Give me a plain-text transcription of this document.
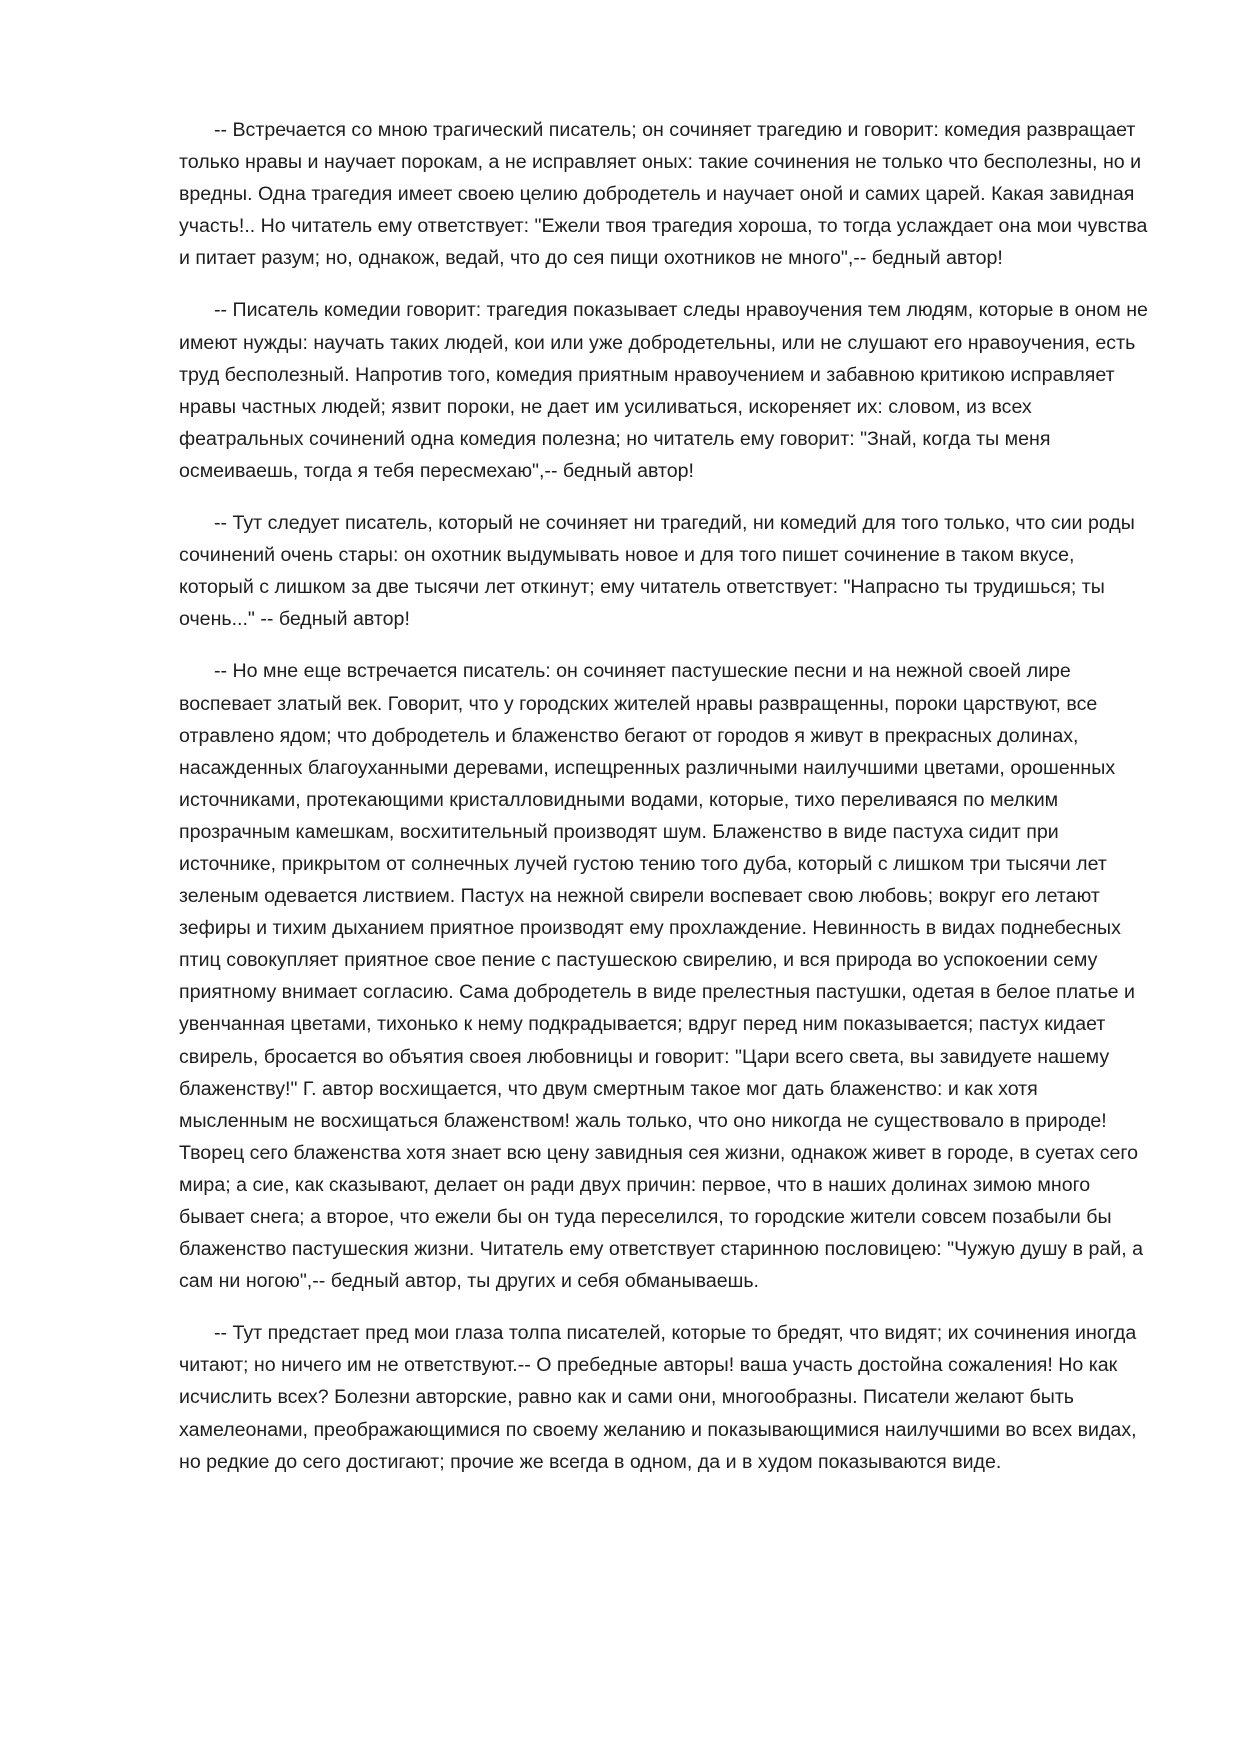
-- Встречается со мною трагический писатель; он сочиняет трагедию и говорит: комедия развращает только нравы и научает порокам, а не исправляет оных: такие сочинения не только что бесполезны, но и вредны. Одна трагедия имеет своею целию добродетель и научает оной и самих царей. Какая завидная участь!.. Но читатель ему ответствует: "Ежели твоя трагедия хороша, то тогда услаждает она мои чувства и питает разум; но, однакож, ведай, что до сея пищи охотников не много",-- бедный автор!

-- Писатель комедии говорит: трагедия показывает следы нравоучения тем людям, которые в оном не имеют нужды: научать таких людей, кои или уже добродетельны, или не слушают его нравоучения, есть труд бесполезный. Напротив того, комедия приятным нравоучением и забавною критикою исправляет нравы частных людей; язвит пороки, не дает им усиливаться, искореняет их: словом, из всех феатральных сочинений одна комедия полезна; но читатель ему говорит: "Знай, когда ты меня осмеиваешь, тогда я тебя пересмехаю",-- бедный автор!

-- Тут следует писатель, который не сочиняет ни трагедий, ни комедий для того только, что сии роды сочинений очень стары: он охотник выдумывать новое и для того пишет сочинение в таком вкусе, который с лишком за две тысячи лет откинут; ему читатель ответствует: "Напрасно ты трудишься; ты очень..." -- бедный автор!

-- Но мне еще встречается писатель: он сочиняет пастушеские песни и на нежной своей лире воспевает златый век. Говорит, что у городских жителей нравы развращенны, пороки царствуют, все отравлено ядом; что добродетель и блаженство бегают от городов я живут в прекрасных долинах, насажденных благоуханными деревами, испещренных различными наилучшими цветами, орошенных источниками, протекающими кристалловидными водами, которые, тихо переливаяся по мелким прозрачным камешкам, восхитительный производят шум. Блаженство в виде пастуха сидит при источнике, прикрытом от солнечных лучей густою тению того дуба, который с лишком три тысячи лет зеленым одевается листвием. Пастух на нежной свирели воспевает свою любовь; вокруг его летают зефиры и тихим дыханием приятное производят ему прохлаждение. Невинность в видах поднебесных птиц совокупляет приятное свое пение с пастушескою свирелию, и вся природа во успокоении сему приятному внимает согласию. Сама добродетель в виде прелестныя пастушки, одетая в белое платье и увенчанная цветами, тихонько к нему подкрадывается; вдруг перед ним показывается; пастух кидает свирель, бросается во объятия своея любовницы и говорит: "Цари всего света, вы завидуете нашему блаженству!" Г. автор восхищается, что двум смертным такое мог дать блаженство: и как хотя мысленным не восхищаться блаженством! жаль только, что оно никогда не существовало в природе! Творец сего блаженства хотя знает всю цену завидныя сея жизни, однакож живет в городе, в суетах сего мира; а сие, как сказывают, делает он ради двух причин: первое, что в наших долинах зимою много бывает снега; а второе, что ежели бы он туда переселился, то городские жители совсем позабыли бы блаженство пастушеския жизни. Читатель ему ответствует старинною пословицею: "Чужую душу в рай, а сам ни ногою",-- бедный автор, ты других и себя обманываешь.

-- Тут предстает пред мои глаза толпа писателей, которые то бредят, что видят; их сочинения иногда читают; но ничего им не ответствуют.-- О пребедные авторы! ваша участь достойна сожаления! Но как исчислить всех? Болезни авторские, равно как и сами они, многообразны. Писатели желают быть хамелеонами, преображающимися по своему желанию и показывающимися наилучшими во всех видах, но редкие до сего достигают; прочие же всегда в одном, да и в худом показываются виде.
